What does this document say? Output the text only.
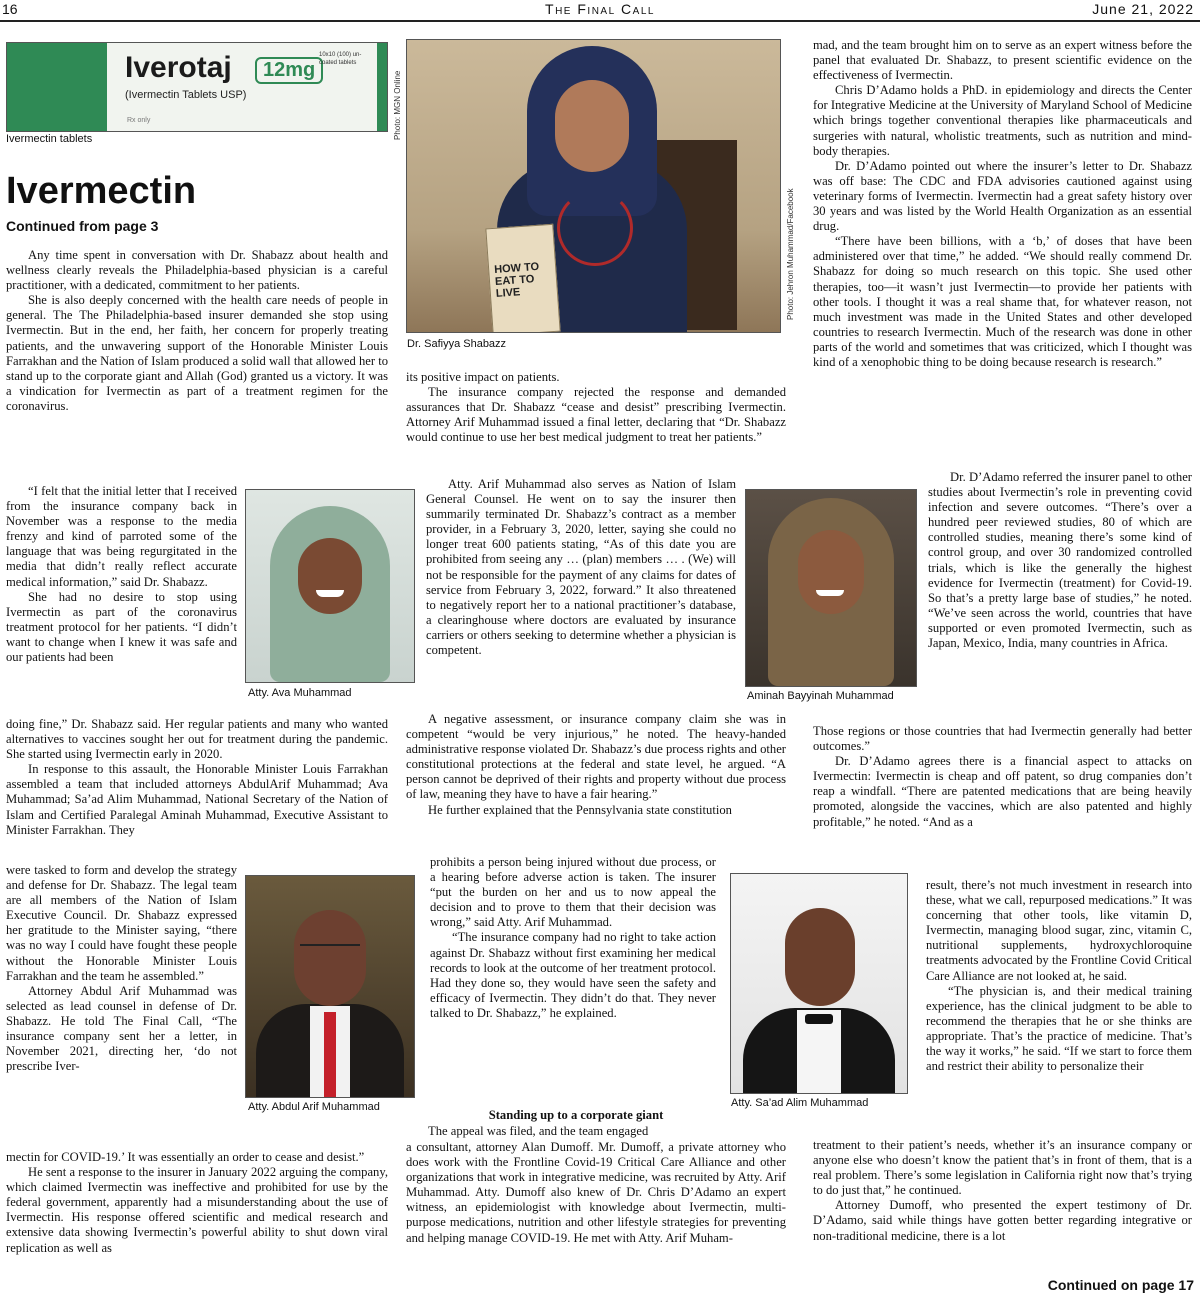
16	The Final Call	June 21, 2022
Iverotaj	12mg
(Ivermectin Tablets USP)
10x10 (100) un-coated tablets
Rx only
Ivermectin tablets	Photo: MGN Online
Ivermectin
Continued from page 3

Any time spent in conversation with Dr. Shabazz about health and wellness clearly reveals the Philadelphia-based physician is a careful practitioner, with a dedicated, commitment to her patients.

She is also deeply concerned with the health care needs of people in general. The The Philadelphia-based insurer demanded she stop using Ivermectin. But in the end, her faith, her concern for properly treating patients, and the unwavering support of the Honorable Minister Louis Farrakhan and the Nation of Islam produced a solid wall that allowed her to stand up to the corporate giant and Allah (God) granted us a victory. It was a vindication for Ivermectin as part of a treatment regimen for the coronavirus.

“I felt that the initial letter that I received from the insurance company back in November was a response to the media frenzy and kind of parroted some of the language that was being regurgitated in the media that didn’t really reflect accurate medical information,” said Dr. Shabazz.

She had no desire to stop using Ivermectin as part of the coronavirus treatment protocol for her patients. “I didn’t want to change when I knew it was safe and our patients had been

doing fine,” Dr. Shabazz said. Her regular patients and many who wanted alternatives to vaccines sought her out for treatment during the pandemic. She started using Ivermectin early in 2020.

In response to this assault, the Honorable Minister Louis Farrakhan assembled a team that included attorneys AbdulArif Muhammad; Ava Muhammad; Sa’ad Alim Muhammad, National Secretary of the Nation of Islam and Certified Paralegal Aminah Muhammad, Executive Assistant to Minister Farrakhan. They

were tasked to form and develop the strategy and defense for Dr. Shabazz. The legal team are all members of the Nation of Islam Executive Council. Dr. Shabazz expressed her gratitude to the Minister saying, “there was no way I could have fought these people without the Honorable Minister Louis Farrakhan and the team he assembled.”

Attorney Abdul Arif Muhammad was selected as lead counsel in defense of Dr. Shabazz. He told The Final Call, “The insurance company sent her a letter, in November 2021, directing her, ‘do not prescribe Iver-

mectin for COVID-19.’ It was essentially an order to cease and desist.”

He sent a response to the insurer in January 2022 arguing the company, which claimed Ivermectin was ineffective and prohibited for use by the federal government, apparently had a misunderstanding about the use of Ivermectin. His response offered scientific and medical research and extensive data showing Ivermectin’s powerful ability to shut down viral replication as well as

Atty. Ava Muhammad
Atty. Abdul Arif Muhammad
HOW TO EAT TO LIVE	Photo: Jehron Muhammad/Facebook
Dr. Safiyya Shabazz

its positive impact on patients.

The insurance company rejected the response and demanded assurances that Dr. Shabazz “cease and desist” prescribing Ivermectin. Attorney Arif Muhammad issued a final letter, declaring that “Dr. Shabazz would continue to use her best medical judgment to treat her patients.”

Atty. Arif Muhammad also serves as Nation of Islam General Counsel. He went on to say the insurer then summarily terminated Dr. Shabazz’s contract as a member provider, in a February 3, 2020, letter, saying she could no longer treat 600 patients stating, “As of this date you are prohibited from seeing any … (plan) members … . (We) will not be responsible for the payment of any claims for dates of service from February 3, 2022, forward.” It also threatened to negatively report her to a national practitioner’s database, a clearinghouse where doctors are evaluated by insurance carriers or others seeking to determine whether a physician is competent.

A negative assessment, or insurance company claim she was in competent “would be very injurious,” he noted. The heavy-handed administrative response violated Dr. Shabazz’s due process rights and other constitutional protections at the federal and state level, he argued. “A person cannot be deprived of their rights and property without due process of law, meaning they have to have a fair hearing.”

He further explained that the Pennsylvania state constitution

prohibits a person being injured without due process, or a hearing before adverse action is taken. The insurer “put the burden on her and us to now appeal the decision and to prove to them that their decision was wrong,” said Atty. Arif Muhammad.

“The insurance company had no right to take action against Dr. Shabazz without first examining her medical records to look at the outcome of her treatment protocol. Had they done so, they would have seen the safety and efficacy of Ivermectin. They didn’t do that. They never talked to Dr. Shabazz,” he explained.

Standing up to a corporate giant

The appeal was filed, and the team engaged

a consultant, attorney Alan Dumoff. Mr. Dumoff, a private attorney who does work with the Frontline Covid-19 Critical Care Alliance and other organizations that work in integrative medicine, was recruited by Atty. Arif Muhammad. Atty. Dumoff also knew of Dr. Chris D’Adamo an expert witness, an epidemiologist with knowledge about Ivermectin, multi-purpose medications, nutrition and other lifestyle strategies for preventing and helping manage COVID-19. He met with Atty. Arif Muham-

Aminah Bayyinah Muhammad
Atty. Sa’ad Alim Muhammad

mad, and the team brought him on to serve as an expert witness before the panel that evaluated Dr. Shabazz, to present scientific evidence on the effectiveness of Ivermectin.

Chris D’Adamo holds a PhD. in epidemiology and directs the Center for Integrative Medicine at the University of Maryland School of Medicine which brings together conventional therapies like pharmaceuticals and surgeries with natural, wholistic treatments, such as nutrition and mind-body therapies.

Dr. D’Adamo pointed out where the insurer’s letter to Dr. Shabazz was off base: The CDC and FDA advisories cautioned against using veterinary forms of Ivermectin. Ivermectin had a great safety history over 30 years and was listed by the World Health Organization as an essential drug.

“There have been billions, with a ‘b,’ of doses that have been administered over that time,” he added. “We should really commend Dr. Shabazz for doing so much research on this topic. She used other therapies, too—it wasn’t just Ivermectin—to provide her patients with other tools. I thought it was a real shame that, for whatever reason, not much investment was made in the United States and other developed countries to research Ivermectin. Much of the research was done in other parts of the world and sometimes that was criticized, which I thought was kind of a xenophobic thing to be doing because research is research.”

Dr. D’Adamo referred the insurer panel to other studies about Ivermectin’s role in preventing covid infection and severe outcomes. “There’s over a hundred peer reviewed studies, 80 of which are controlled studies, meaning there’s some kind of control group, and over 30 randomized controlled trials, which is like the generally the highest evidence for Ivermectin (treatment) for Covid-19. So that’s a pretty large base of studies,” he noted. “We’ve seen across the world, countries that have supported or even promoted Ivermectin, such as Japan, Mexico, India, many countries in Africa.

Those regions or those countries that had Ivermectin generally had better outcomes.”

Dr. D’Adamo agrees there is a financial aspect to attacks on Ivermectin: Ivermectin is cheap and off patent, so drug companies don’t reap a windfall. “There are patented medications that are being heavily promoted, alongside the vaccines, which are also patented and highly profitable,” he noted. “And as a

result, there’s not much investment in research into these, what we call, repurposed medications.” It was concerning that other tools, like vitamin D, Ivermectin, managing blood sugar, zinc, vitamin C, nutritional supplements, hydroxychloroquine treatments advocated by the Frontline Covid Critical Care Alliance are not looked at, he said.

“The physician is, and their medical training experience, has the clinical judgment to be able to recommend the therapies that he or she thinks are appropriate. That’s the practice of medicine. That’s the way it works,” he said. “If we start to force them and restrict their ability to personalize their

treatment to their patient’s needs, whether it’s an insurance company or anyone else who doesn’t know the patient that’s in front of them, that is a real problem. There’s some legislation in California right now that’s trying to do just that,” he continued.

Attorney Dumoff, who presented the expert testimony of Dr. D’Adamo, said while things have gotten better regarding integrative or non-traditional medicine, there is a lot

Continued on page 17
